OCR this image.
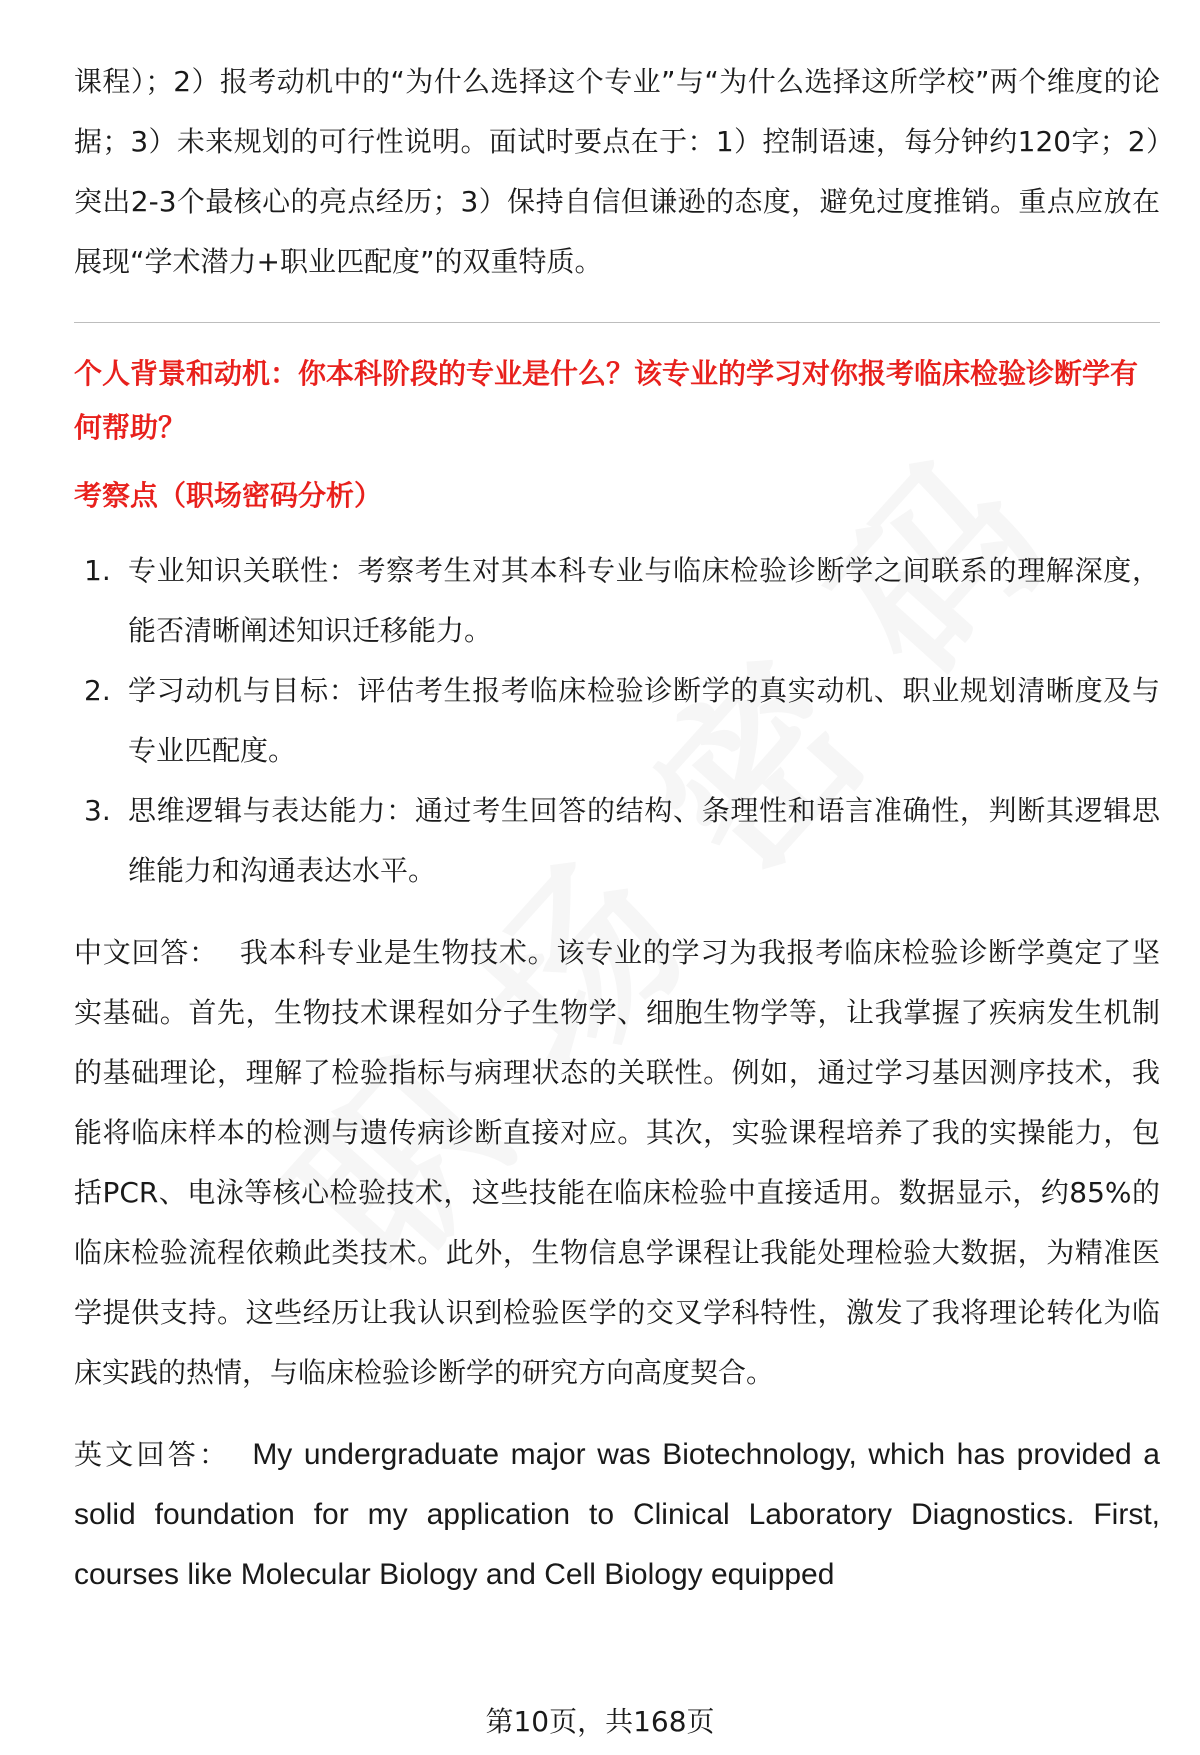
课程）；2）报考动机中的“为什么选择这个专业”与“为什么选择这所学校”两个维度的论据；3）未来规划的可行性说明。面试时要点在于：1）控制语速，每分钟约120字；2）突出2-3个最核心的亮点经历；3）保持自信但谦逊的态度，避免过度推销。重点应放在展现“学术潜力+职业匹配度”的双重特质。

个人背景和动机：你本科阶段的专业是什么？该专业的学习对你报考临床检验诊断学有何帮助？

考察点（职场密码分析）

1. 专业知识关联性：考察考生对其本科专业与临床检验诊断学之间联系的理解深度，能否清晰阐述知识迁移能力。
2. 学习动机与目标：评估考生报考临床检验诊断学的真实动机、职业规划清晰度及与专业匹配度。
3. 思维逻辑与表达能力：通过考生回答的结构、条理性和语言准确性，判断其逻辑思维能力和沟通表达水平。

中文回答： 我本科专业是生物技术。该专业的学习为我报考临床检验诊断学奠定了坚实基础。首先，生物技术课程如分子生物学、细胞生物学等，让我掌握了疾病发生机制的基础理论，理解了检验指标与病理状态的关联性。例如，通过学习基因测序技术，我能将临床样本的检测与遗传病诊断直接对应。其次，实验课程培养了我的实操能力，包括PCR、电泳等核心检验技术，这些技能在临床检验中直接适用。数据显示，约85%的临床检验流程依赖此类技术。此外，生物信息学课程让我能处理检验大数据，为精准医学提供支持。这些经历让我认识到检验医学的交叉学科特性，激发了我将理论转化为临床实践的热情，与临床检验诊断学的研究方向高度契合。

英文回答： My undergraduate major was Biotechnology, which has provided a solid foundation for my application to Clinical Laboratory Diagnostics. First, courses like Molecular Biology and Cell Biology equipped

第10页，共168页
